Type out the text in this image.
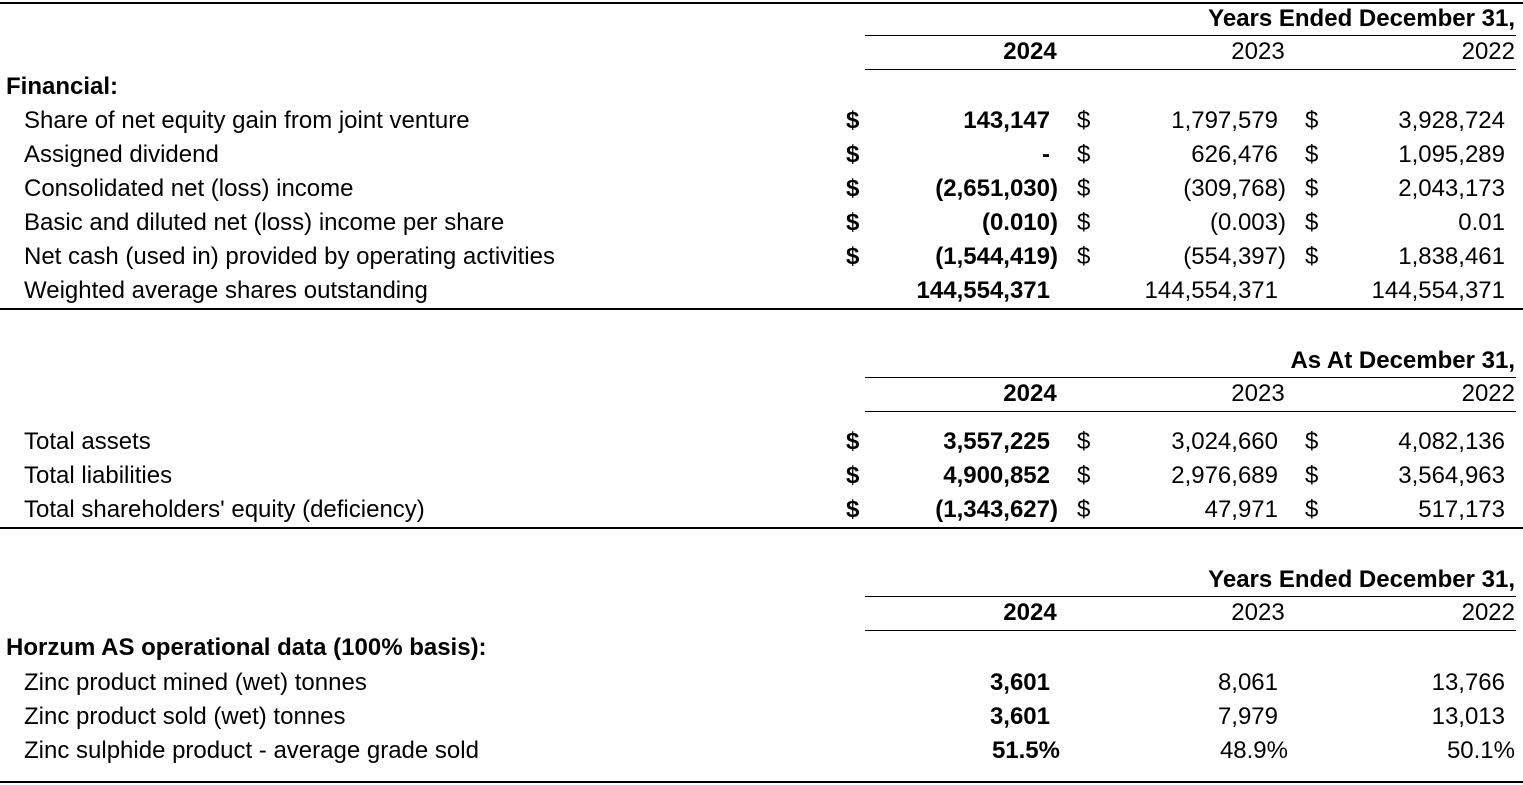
Years Ended December 31,
2024	2023	2022
Financial:
Share of net equity gain from joint venture	$	143,147 $	1,797,579 $	3,928,724
Assigned dividend	$	- $	626,476 $	1,095,289
Consolidated net (loss) income	$	(2,651,030) $	(309,768) $	2,043,173
Basic and diluted net (loss) income per share	$	(0.010) $	(0.003) $	0.01
Net cash (used in) provided by operating activities	$	(1,544,419) $	(554,397) $	1,838,461
Weighted average shares outstanding	144,554,371	144,554,371	144,554,371
As At December 31,
2024	2023	2022
Total assets	$	3,557,225 $	3,024,660 $	4,082,136
Total liabilities	$	4,900,852 $	2,976,689 $	3,564,963
Total shareholders' equity (deficiency)	$	(1,343,627) $	47,971 $	517,173
Years Ended December 31,
2024	2023	2022
Horzum AS operational data (100% basis):
Zinc product mined (wet) tonnes	3,601	8,061	13,766
Zinc product sold (wet) tonnes	3,601	7,979	13,013
Zinc sulphide product - average grade sold	51.5%	48.9%	50.1%
